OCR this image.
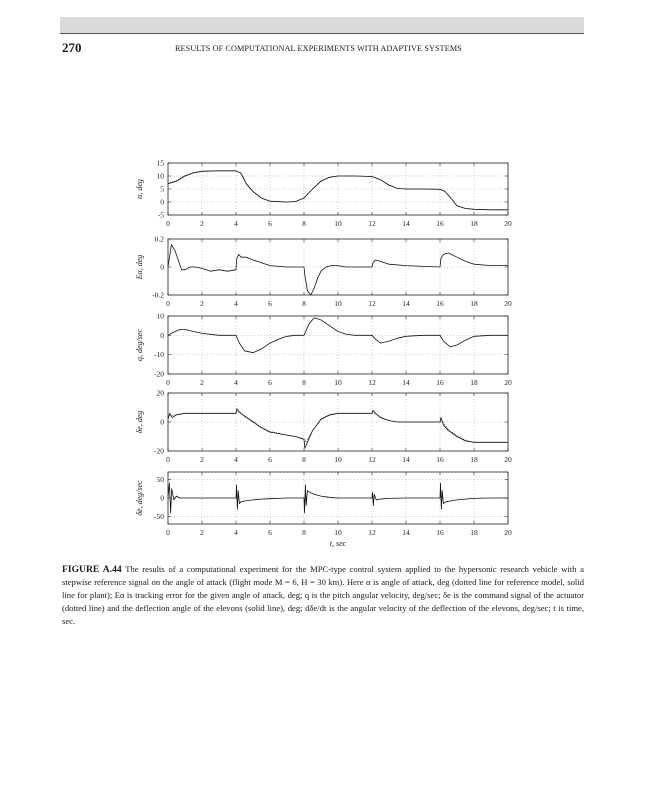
270	RESULTS OF COMPUTATIONAL EXPERIMENTS WITH ADAPTIVE SYSTEMS
0	2	4	6	8	10	12	14	16	18	20
15
10
5
0
-5
α, deg
0	2	4	6	8	10	12	14	16	18	20
0.2
0
-0.2
Eα, deg
0	2	4	6	8	10	12	14	16	18	20
10
0
-10
-20
q, deg/sec
0	2	4	6	8	10	12	14	16	18	20
20
0
-20
δe, deg
0	2	4	6	8	10	12	14	16	18	20
50
0
-50
δ̇e, deg/sec
t, sec
FIGURE A.44 The results of a computational experiment for the MPC-type control system applied to the hypersonic research vehicle with a stepwise reference signal on the angle of attack (flight mode M = 6, H = 30 km). Here α is angle of attack, deg (dotted line for reference model, solid line for plant); Eα is tracking error for the given angle of attack, deg; q is the pitch angular velocity, deg/sec; δe is the command signal of the actuator (dotted line) and the deflection angle of the elevons (solid line), deg; dδe/dt is the angular velocity of the deflection of the elevons, deg/sec; t is time, sec.
